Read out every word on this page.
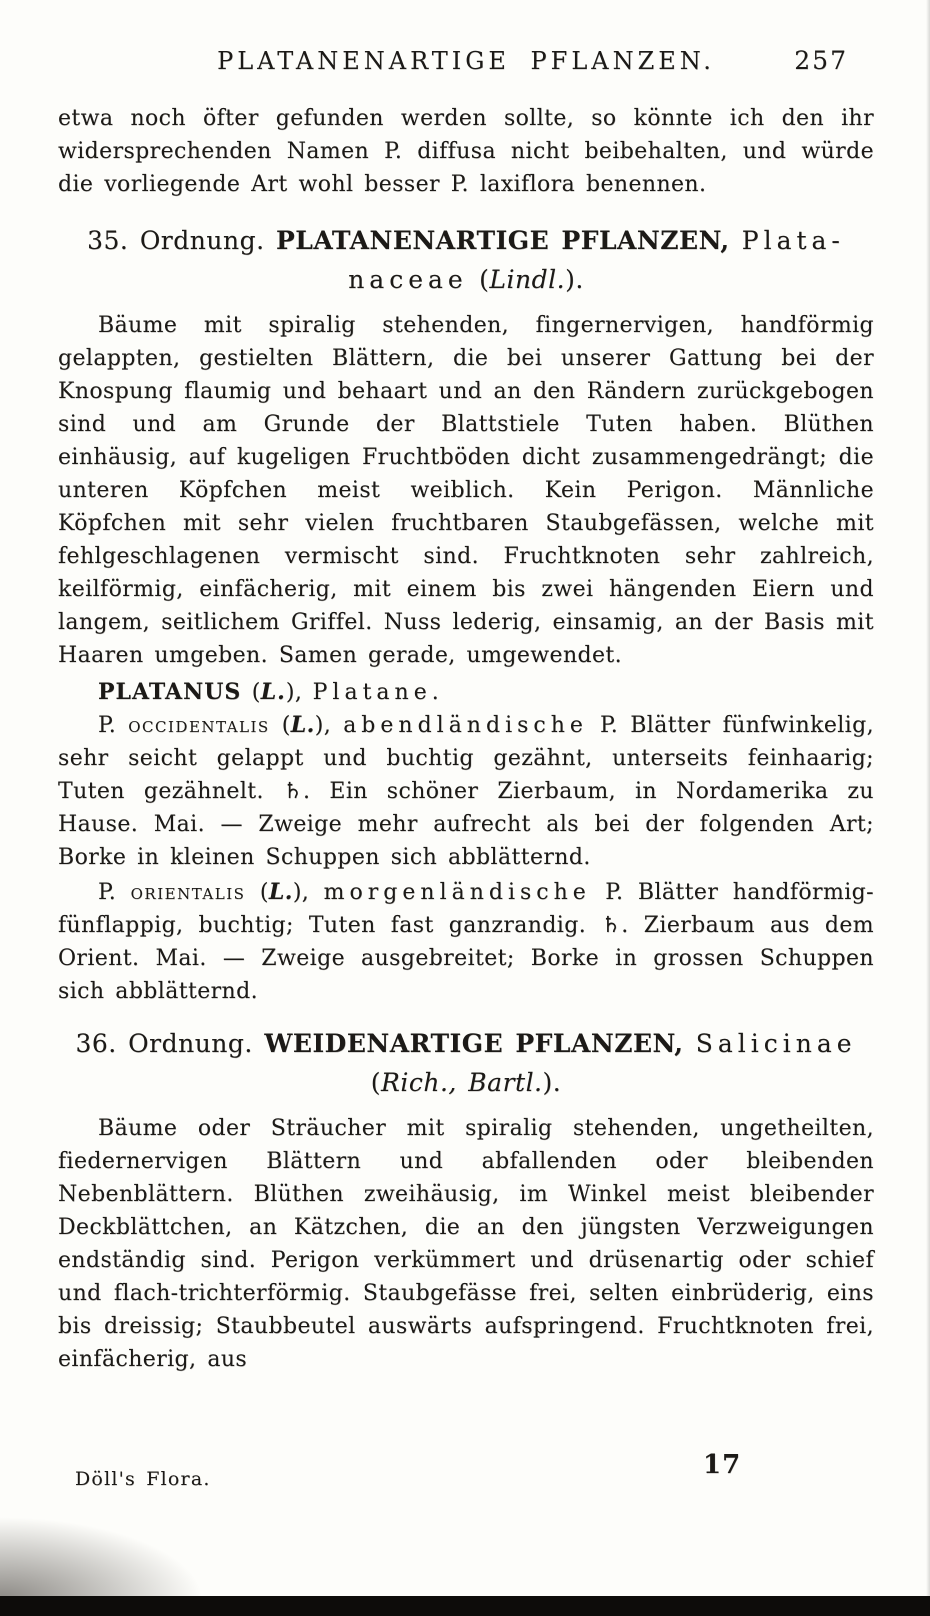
PLATANENARTIGE PFLANZEN.	257

etwa noch öfter gefunden werden sollte, so könnte ich den ihr widersprechenden Namen P. diffusa nicht beibehalten, und würde die vorliegende Art wohl besser P. laxiflora benennen.

35. Ordnung. PLATANENARTIGE PFLANZEN, Plata-
naceae (Lindl.).

Bäume mit spiralig stehenden, fingernervigen, handförmig gelappten, gestielten Blättern, die bei unserer Gattung bei der Knospung flaumig und behaart und an den Rändern zurückgebogen sind und am Grunde der Blattstiele Tuten haben. Blüthen einhäusig, auf kugeligen Fruchtböden dicht zusammengedrängt; die unteren Köpfchen meist weiblich. Kein Perigon. Männliche Köpfchen mit sehr vielen fruchtbaren Staubgefässen, welche mit fehlgeschlagenen vermischt sind. Fruchtknoten sehr zahlreich, keilförmig, einfächerig, mit einem bis zwei hängenden Eiern und langem, seitlichem Griffel. Nuss lederig, einsamig, an der Basis mit Haaren umgeben. Samen gerade, umgewendet.

PLATANUS (L.), Platane.

P. occidentalis (L.), abendländische P. Blätter fünfwinkelig, sehr seicht gelappt und buchtig gezähnt, unterseits feinhaarig; Tuten gezähnelt. ♄. Ein schöner Zierbaum, in Nordamerika zu Hause. Mai. — Zweige mehr aufrecht als bei der folgenden Art; Borke in kleinen Schuppen sich abblätternd.

P. orientalis (L.), morgenländische P. Blätter handförmig-fünflappig, buchtig; Tuten fast ganzrandig. ♄. Zierbaum aus dem Orient. Mai. — Zweige ausgebreitet; Borke in grossen Schuppen sich abblätternd.

36. Ordnung. WEIDENARTIGE PFLANZEN, Salicinae
(Rich., Bartl.).

Bäume oder Sträucher mit spiralig stehenden, ungetheilten, fiedernervigen Blättern und abfallenden oder bleibenden Nebenblättern. Blüthen zweihäusig, im Winkel meist bleibender Deckblättchen, an Kätzchen, die an den jüngsten Verzweigungen endständig sind. Perigon verkümmert und drüsenartig oder schief und flach-trichterförmig. Staubgefässe frei, selten einbrüderig, eins bis dreissig; Staubbeutel auswärts aufspringend. Fruchtknoten frei, einfächerig, aus

Döll's Flora.	17
